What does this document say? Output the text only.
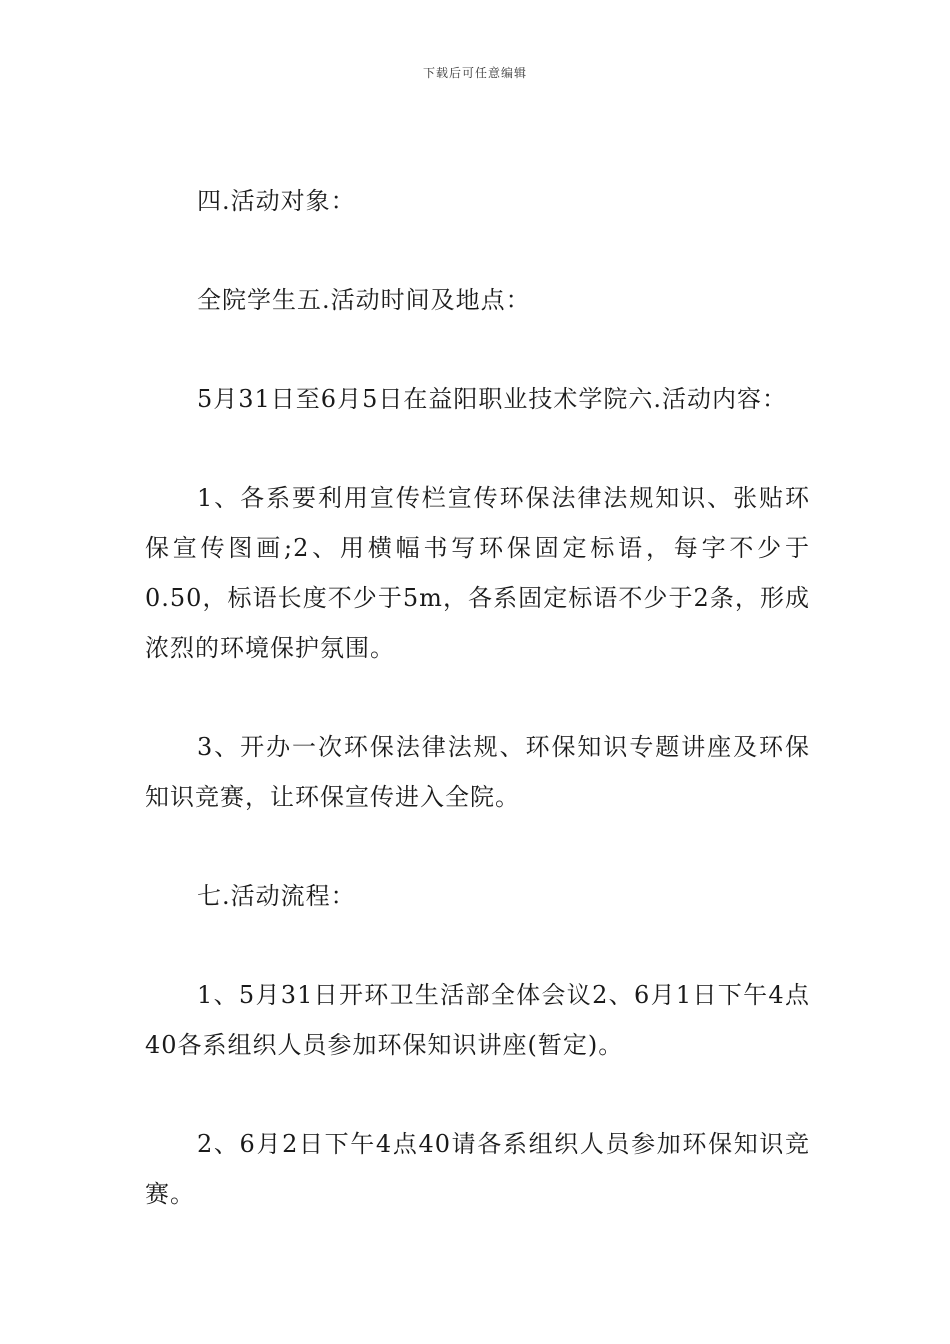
下载后可任意编辑

四.活动对象：

全院学生五.活动时间及地点：

5月31日至6月5日在益阳职业技术学院六.活动内容：

1、各系要利用宣传栏宣传环保法律法规知识、张贴环保宣传图画;2、用横幅书写环保固定标语，每字不少于0.50，标语长度不少于5m，各系固定标语不少于2条，形成浓烈的环境保护氛围。

3、开办一次环保法律法规、环保知识专题讲座及环保知识竞赛，让环保宣传进入全院。

七.活动流程：

1、5月31日开环卫生活部全体会议2、6月1日下午4点40各系组织人员参加环保知识讲座(暂定)。

2、6月2日下午4点40请各系组织人员参加环保知识竞赛。
